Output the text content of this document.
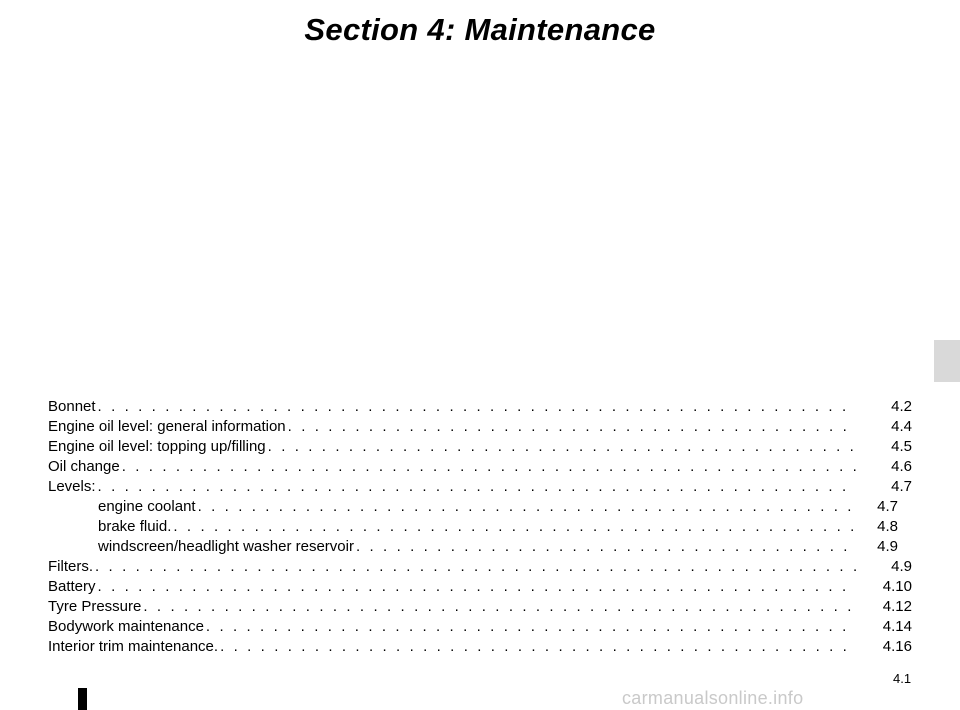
Section 4: Maintenance
Bonnet . . .	4.2
Engine oil level: general information . . .	4.4
Engine oil level: topping up/filling . . .	4.5
Oil change . . .	4.6
Levels: . . .	4.7
engine coolant . . .	4.7
brake fluid. . . .	4.8
windscreen/headlight washer reservoir . . .	4.9
Filters. . . .	4.9
Battery . . .	4.10
Tyre Pressure . . .	4.12
Bodywork maintenance . . .	4.14
Interior trim maintenance. . . .	4.16
4.1
carmanualsonline.info
